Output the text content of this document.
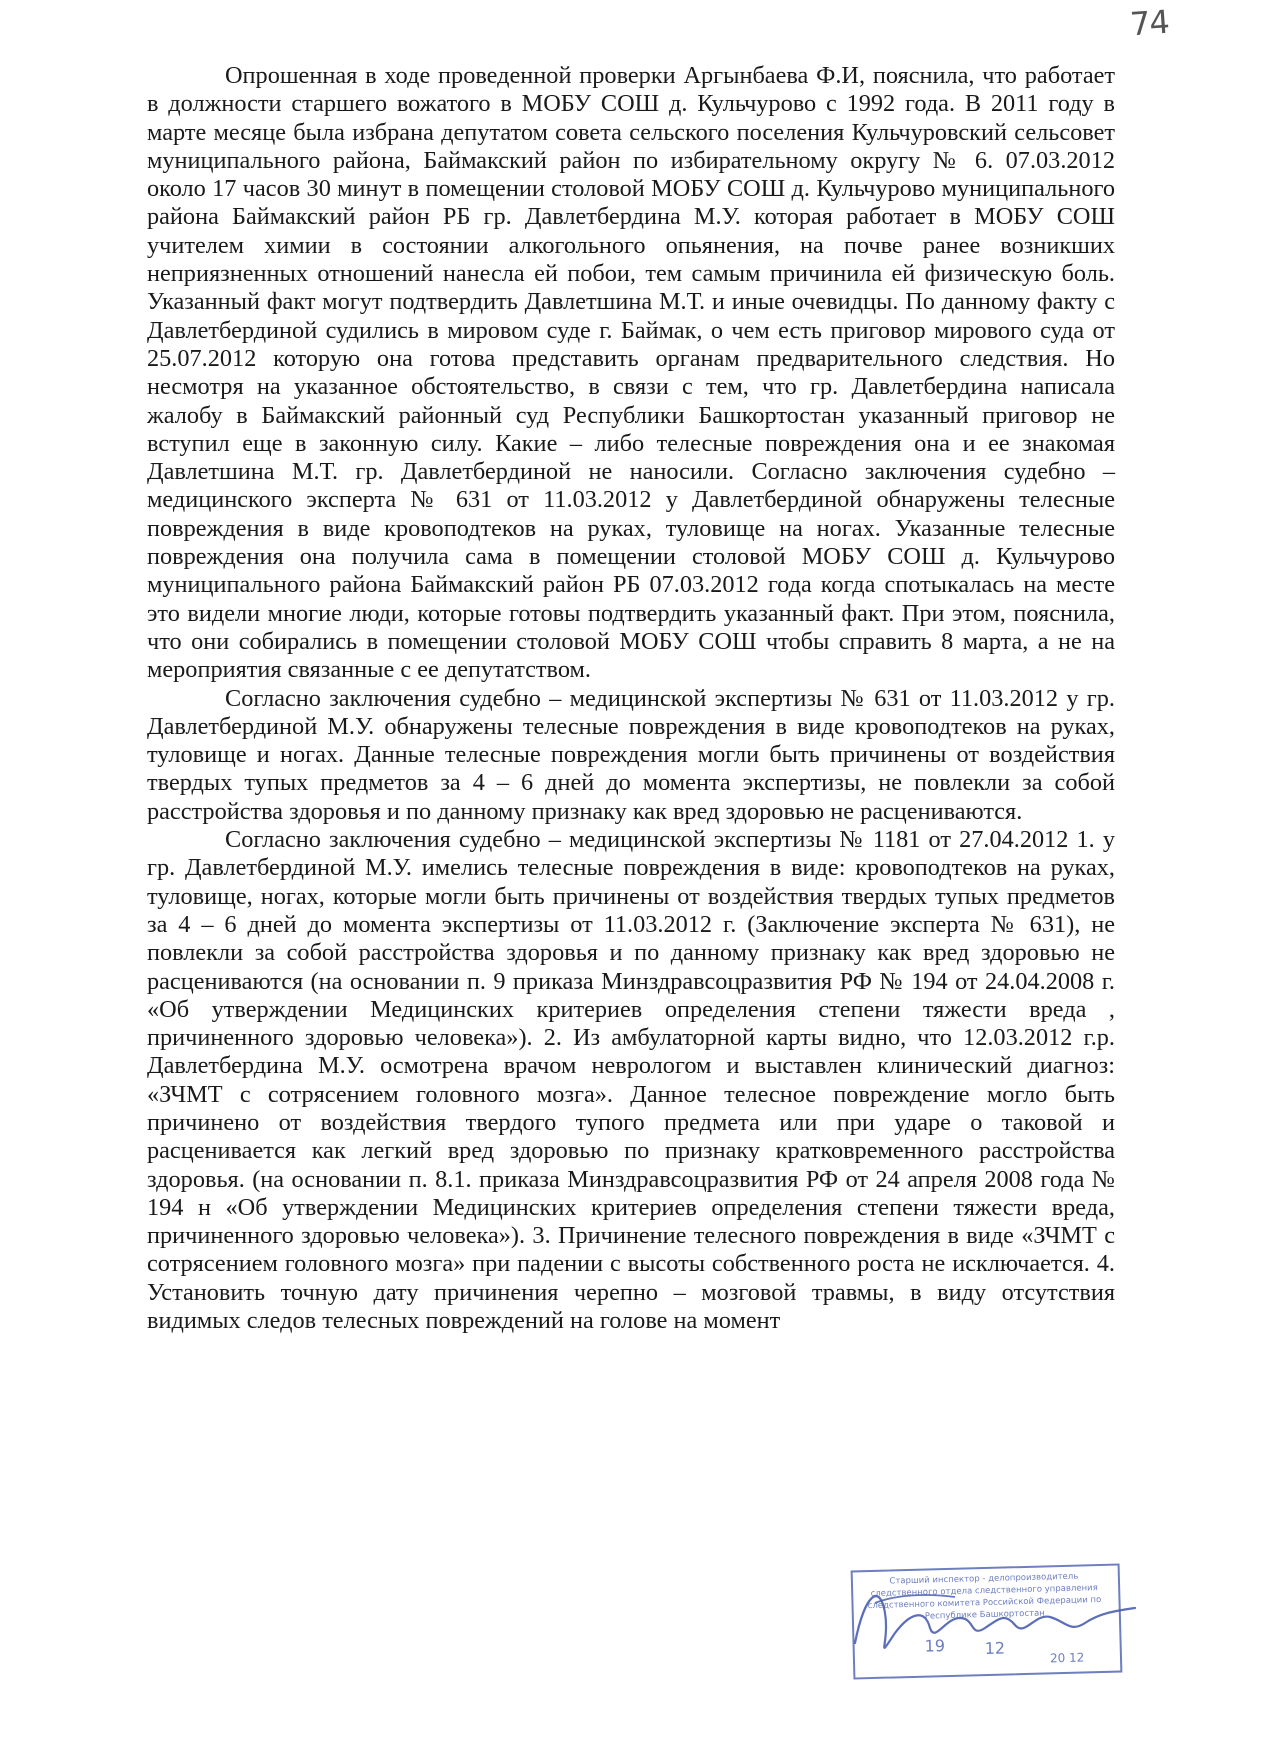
74

Опрошенная в ходе проведенной проверки Аргынбаева Ф.И, пояснила, что работает в должности старшего вожатого в МОБУ СОШ д. Кульчурово с 1992 года. В 2011 году в марте месяце была избрана депутатом совета сельского поселения Кульчуровский сельсовет муниципального района, Баймакский район по избирательному округу № 6. 07.03.2012 около 17 часов 30 минут в помещении столовой МОБУ СОШ д. Кульчурово муниципального района Баймакский район РБ гр. Давлетбердина М.У. которая работает в МОБУ СОШ учителем химии в состоянии алкогольного опьянения, на почве ранее возникших неприязненных отношений нанесла ей побои, тем самым причинила ей физическую боль. Указанный факт могут подтвердить Давлетшина М.Т. и иные очевидцы. По данному факту с Давлетбердиной судились в мировом суде г. Баймак, о чем есть приговор мирового суда от 25.07.2012 которую она готова представить органам предварительного следствия. Но несмотря на указанное обстоятельство, в связи с тем, что гр. Давлетбердина написала жалобу в Баймакский районный суд Республики Башкортостан указанный приговор не вступил еще в законную силу. Какие – либо телесные повреждения она и ее знакомая Давлетшина М.Т. гр. Давлетбердиной не наносили. Согласно заключения судебно – медицинского эксперта № 631 от 11.03.2012 у Давлетбердиной обнаружены телесные повреждения в виде кровоподтеков на руках, туловище на ногах. Указанные телесные повреждения она получила сама в помещении столовой МОБУ СОШ д. Кульчурово муниципального района Баймакский район РБ 07.03.2012 года когда спотыкалась на месте это видели многие люди, которые готовы подтвердить указанный факт. При этом, пояснила, что они собирались в помещении столовой МОБУ СОШ чтобы справить 8 марта, а не на мероприятия связанные с ее депутатством.

Согласно заключения судебно – медицинской экспертизы № 631 от 11.03.2012 у гр. Давлетбердиной М.У. обнаружены телесные повреждения в виде кровоподтеков на руках, туловище и ногах. Данные телесные повреждения могли быть причинены от воздействия твердых тупых предметов за 4 – 6 дней до момента экспертизы, не повлекли за собой расстройства здоровья и по данному признаку как вред здоровью не расцениваются.

Согласно заключения судебно – медицинской экспертизы № 1181 от 27.04.2012 1. у гр. Давлетбердиной М.У. имелись телесные повреждения в виде: кровоподтеков на руках, туловище, ногах, которые могли быть причинены от воздействия твердых тупых предметов за 4 – 6 дней до момента экспертизы от 11.03.2012 г. (Заключение эксперта № 631), не повлекли за собой расстройства здоровья и по данному признаку как вред здоровью не расцениваются (на основании п. 9 приказа Минздравсоцразвития РФ № 194 от 24.04.2008 г. «Об утверждении Медицинских критериев определения степени тяжести вреда , причиненного здоровью человека»). 2. Из амбулаторной карты видно, что 12.03.2012 г.р. Давлетбердина М.У. осмотрена врачом неврологом и выставлен клинический диагноз: «ЗЧМТ с сотрясением головного мозга». Данное телесное повреждение могло быть причинено от воздействия твердого тупого предмета или при ударе о таковой и расценивается как легкий вред здоровью по признаку кратковременного расстройства здоровья. (на основании п. 8.1. приказа Минздравсоцразвития РФ от 24 апреля 2008 года № 194 н «Об утверждении Медицинских критериев определения степени тяжести вреда, причиненного здоровью человека»). 3. Причинение телесного повреждения в виде «ЗЧМТ с сотрясением головного мозга» при падении с высоты собственного роста не исключается. 4. Установить точную дату причинения черепно – мозговой травмы, в виду отсутствия видимых следов телесных повреждений на голове на момент

Старший инспектор - делопроизводитель следственного отдела следственного управления следственного комитета Российской Федерации по Республике Башкортостан
19 12	20 12
